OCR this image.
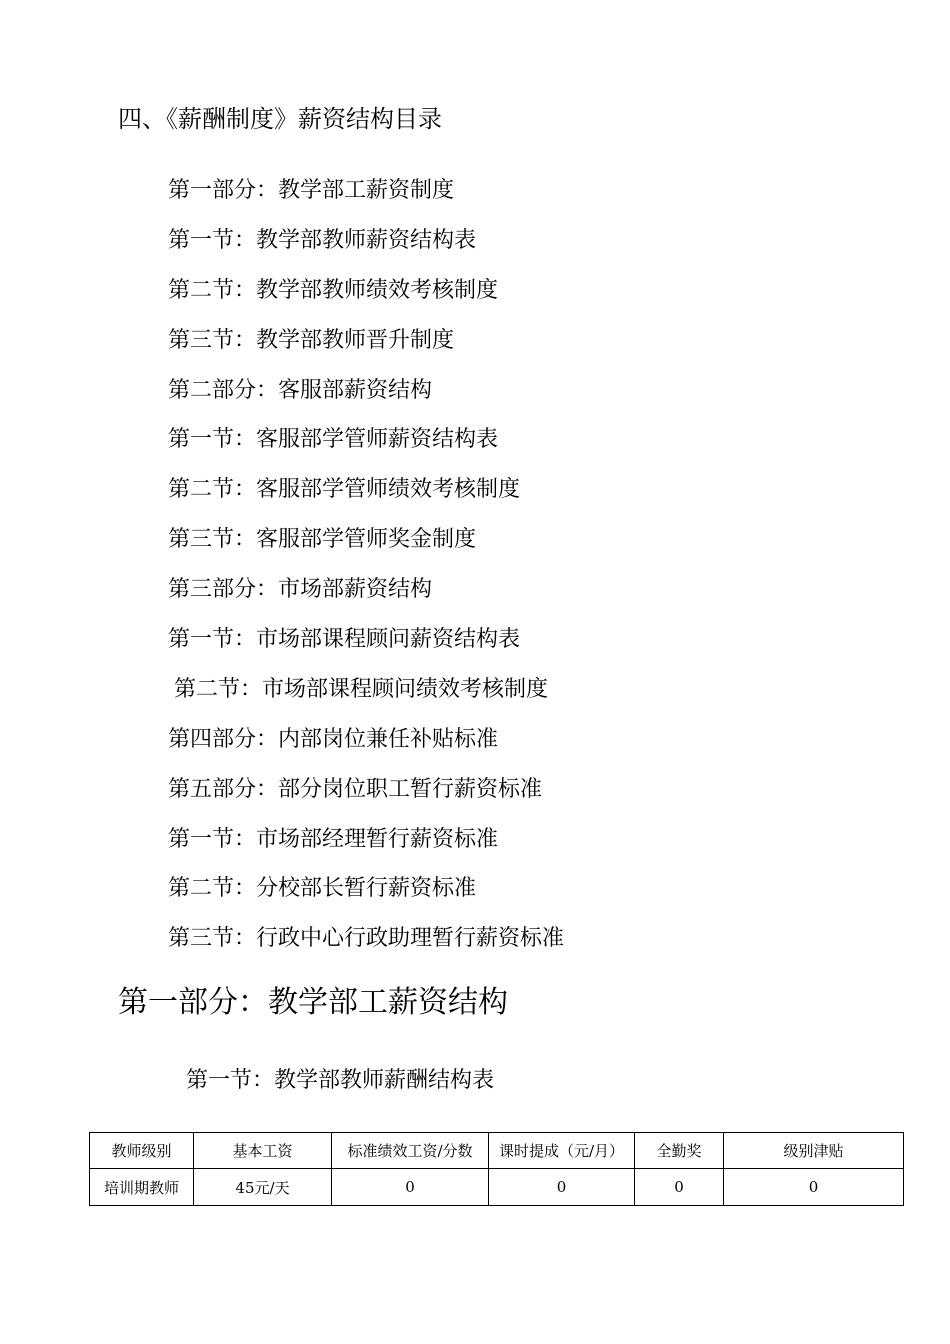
四、《薪酬制度》薪资结构目录
第一部分：教学部工薪资制度
第一节：教学部教师薪资结构表
第二节：教学部教师绩效考核制度
第三节：教学部教师晋升制度
第二部分：客服部薪资结构
第一节：客服部学管师薪资结构表
第二节：客服部学管师绩效考核制度
第三节：客服部学管师奖金制度
第三部分：市场部薪资结构
第一节：市场部课程顾问薪资结构表
第二节：市场部课程顾问绩效考核制度
第四部分：内部岗位兼任补贴标准
第五部分：部分岗位职工暂行薪资标准
第一节：市场部经理暂行薪资标准
第二节：分校部长暂行薪资标准
第三节：行政中心行政助理暂行薪资标准
第一部分：教学部工薪资结构
第一节：教学部教师薪酬结构表
教师级别	基本工资	标准绩效工资/分数	课时提成（元/月）	全勤奖	级别津贴
培训期教师	45元/天	0	0	0	0
